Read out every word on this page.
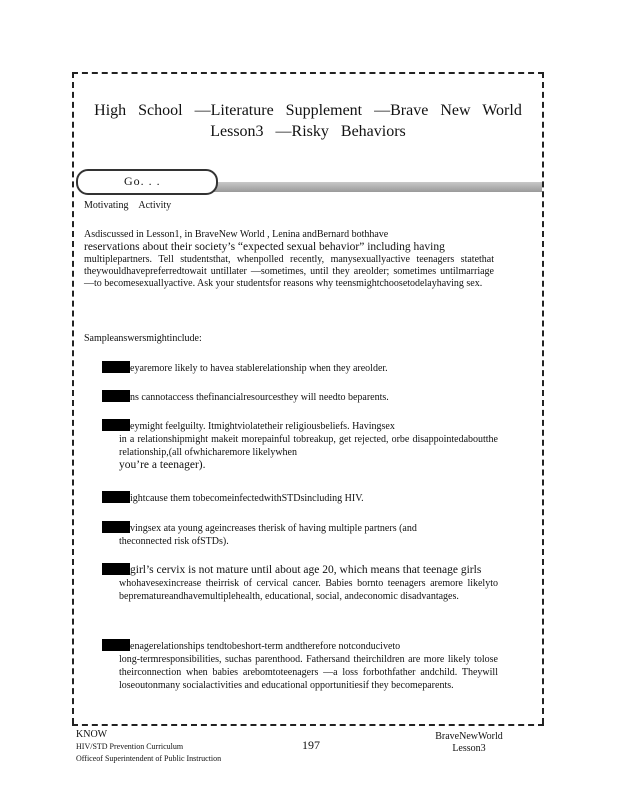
High School —Literature Supplement —Brave New World
Lesson3 —Risky Behaviors
Go. . .
Motivating Activity
Asdiscussed in Lesson1, in BraveNew World , Lenina andBernard bothhave
reservations about their society’s “expected sexual behavior” including having
multiplepartners. Tell studentsthat, whenpolled recently, manysexuallyactive teenagers statethat theywouldhavepreferredtowait untillater —sometimes, until they areolder; sometimes untilmarriage —to becomesexuallyactive. Ask your studentsfor reasons why teensmightchoosetodelayhaving sex.
Sampleanswersmightinclude:
eyaremore likely to havea stablerelationship when they areolder.
ns cannotaccess thefinancialresourcesthey will needto beparents.
eymight feelguilty. Itmightviolatetheir religiousbeliefs. Havingsex
in a relationshipmight makeit morepainful tobreakup, get rejected, orbe disappointedaboutthe relationship,(all ofwhicharemore likelywhen
you’re a teenager).
ightcause them tobecomeinfectedwithSTDsincluding HIV.
vingsex ata young ageincreases therisk of having multiple partners (and
theconnected risk ofSTDs).
girl’s cervix is not mature until about age 20, which means that teenage girls
whohavesexincrease theirrisk of cervical cancer. Babies bornto teenagers aremore likelyto beprematureandhavemultiplehealth, educational, social, andeconomic disadvantages.
enagerelationships tendtobeshort-term andtherefore notconduciveto
long-termresponsibilities, suchas parenthood. Fathersand theirchildren are more likely tolose theirconnection when babies arebomtoteenagers —a loss forbothfather andchild. Theywill loseoutonmany socialactivities and educational opportunitiesif they becomeparents.
KNOW
HIV/STD Prevention Curriculum
Officeof Superintendent of Public Instruction
197
BraveNewWorld
Lesson3
